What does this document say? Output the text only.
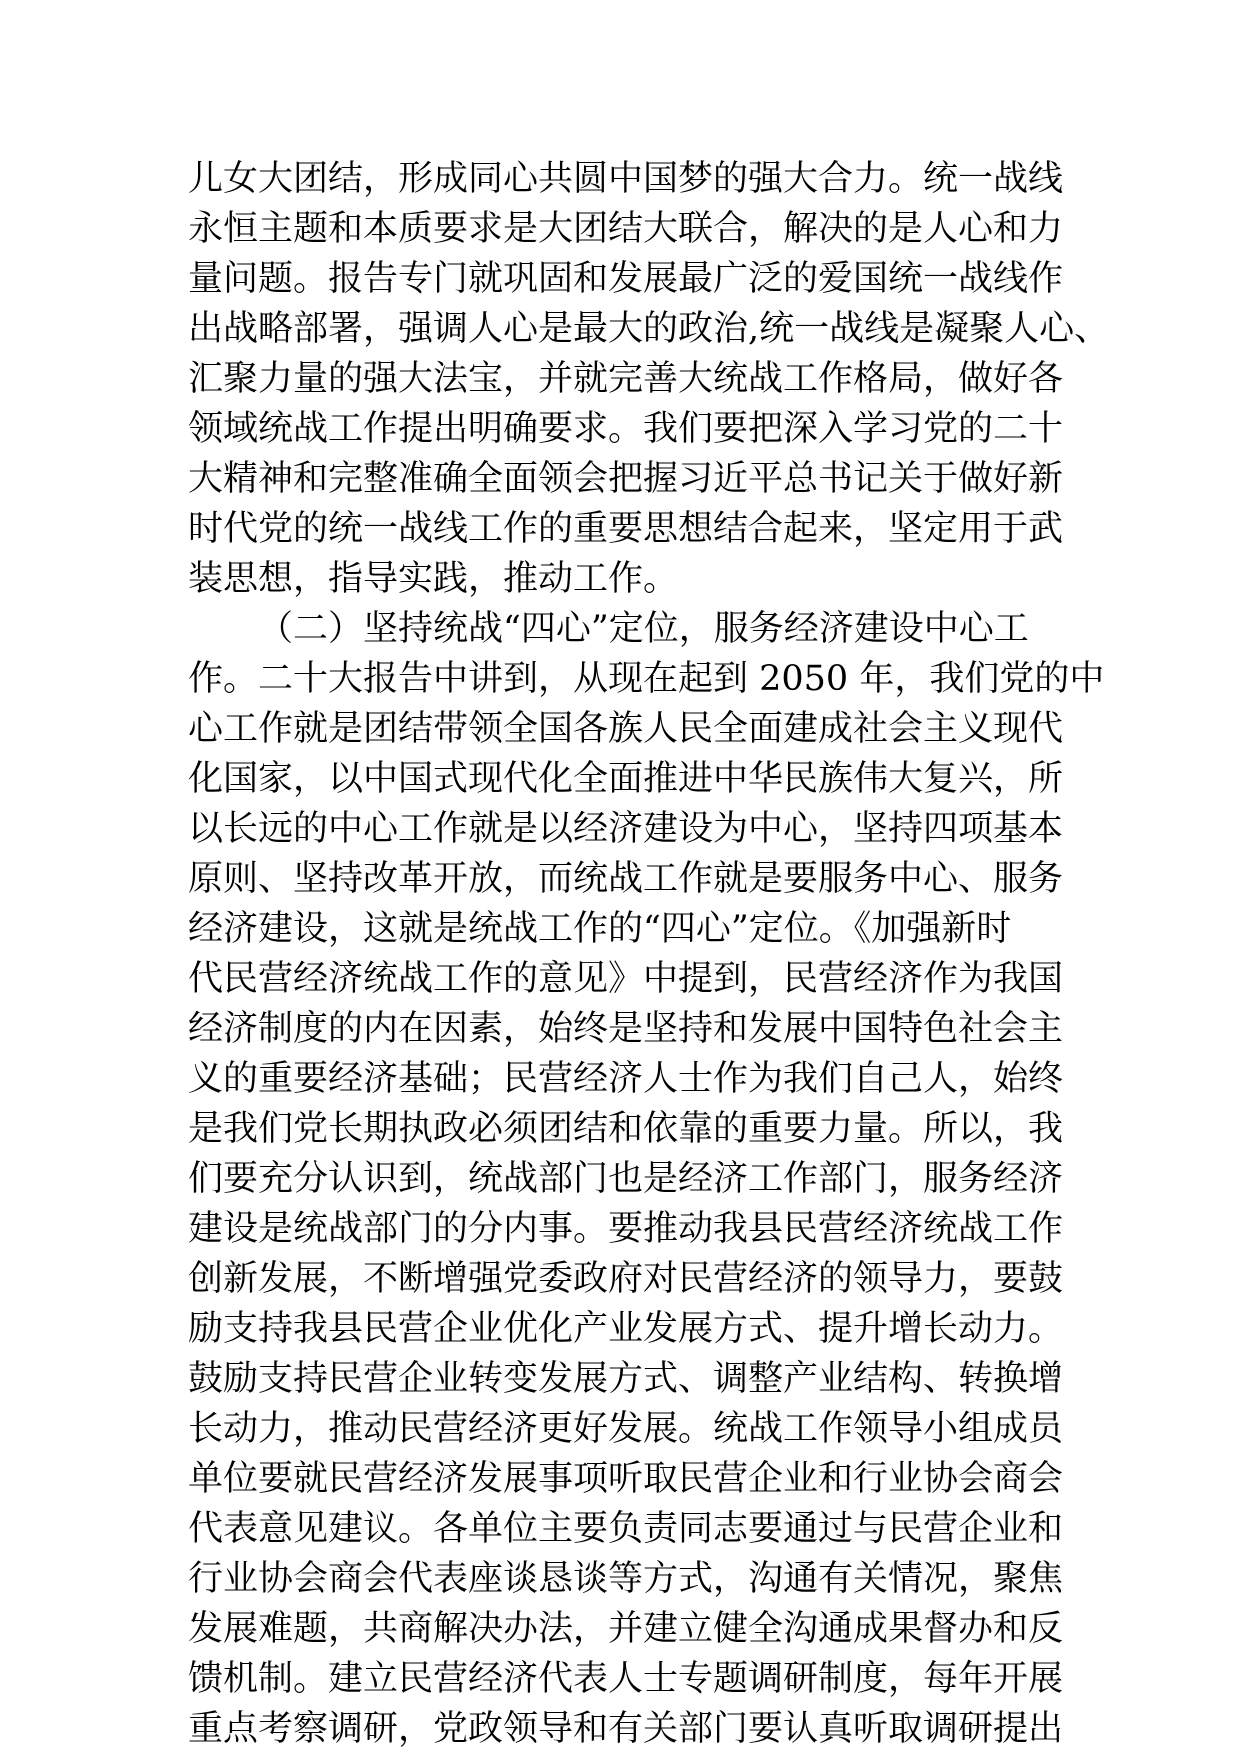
儿女大团结，形成同心共圆中国梦的强大合力。统一战线
永恒主题和本质要求是大团结大联合，解决的是人心和力
量问题。报告专门就巩固和发展最广泛的爱国统一战线作
出战略部署，强调人心是最大的政治,统一战线是凝聚人心、
汇聚力量的强大法宝，并就完善大统战工作格局，做好各
领域统战工作提出明确要求。我们要把深入学习党的二十
大精神和完整准确全面领会把握习近平总书记关于做好新
时代党的统一战线工作的重要思想结合起来，坚定用于武
装思想，指导实践，推动工作。
（二）坚持统战“四心”定位，服务经济建设中心工
作。二十大报告中讲到，从现在起到 2050 年，我们党的中
心工作就是团结带领全国各族人民全面建成社会主义现代
化国家，以中国式现代化全面推进中华民族伟大复兴，所
以长远的中心工作就是以经济建设为中心，坚持四项基本
原则、坚持改革开放，而统战工作就是要服务中心、服务
经济建设，这就是统战工作的“四心”定位。《加强新时
代民营经济统战工作的意见》中提到，民营经济作为我国
经济制度的内在因素，始终是坚持和发展中国特色社会主
义的重要经济基础；民营经济人士作为我们自己人，始终
是我们党长期执政必须团结和依靠的重要力量。所以，我
们要充分认识到，统战部门也是经济工作部门，服务经济
建设是统战部门的分内事。要推动我县民营经济统战工作
创新发展，不断增强党委政府对民营经济的领导力，要鼓
励支持我县民营企业优化产业发展方式、提升增长动力。
鼓励支持民营企业转变发展方式、调整产业结构、转换增
长动力，推动民营经济更好发展。统战工作领导小组成员
单位要就民营经济发展事项听取民营企业和行业协会商会
代表意见建议。各单位主要负责同志要通过与民营企业和
行业协会商会代表座谈恳谈等方式，沟通有关情况，聚焦
发展难题，共商解决办法，并建立健全沟通成果督办和反
馈机制。建立民营经济代表人士专题调研制度，每年开展
重点考察调研，党政领导和有关部门要认真听取调研提出
